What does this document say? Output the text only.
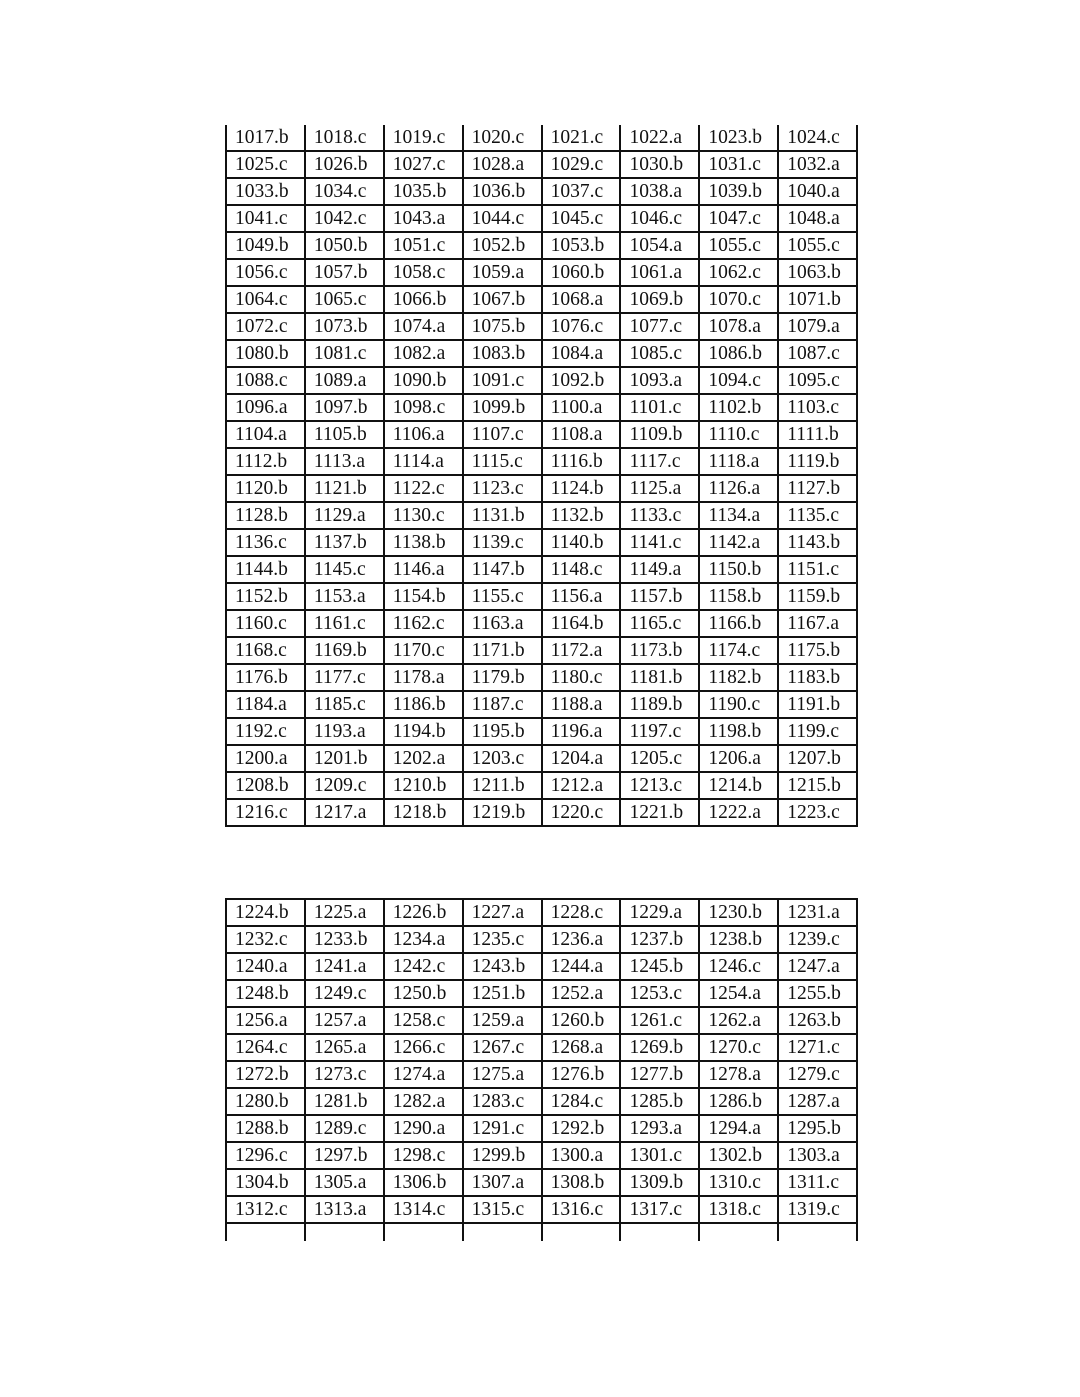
1017.b	1018.c	1019.c	1020.c	1021.c	1022.a	1023.b	1024.c
1025.c	1026.b	1027.c	1028.a	1029.c	1030.b	1031.c	1032.a
1033.b	1034.c	1035.b	1036.b	1037.c	1038.a	1039.b	1040.a
1041.c	1042.c	1043.a	1044.c	1045.c	1046.c	1047.c	1048.a
1049.b	1050.b	1051.c	1052.b	1053.b	1054.a	1055.c	1055.c
1056.c	1057.b	1058.c	1059.a	1060.b	1061.a	1062.c	1063.b
1064.c	1065.c	1066.b	1067.b	1068.a	1069.b	1070.c	1071.b
1072.c	1073.b	1074.a	1075.b	1076.c	1077.c	1078.a	1079.a
1080.b	1081.c	1082.a	1083.b	1084.a	1085.c	1086.b	1087.c
1088.c	1089.a	1090.b	1091.c	1092.b	1093.a	1094.c	1095.c
1096.a	1097.b	1098.c	1099.b	1100.a	1101.c	1102.b	1103.c
1104.a	1105.b	1106.a	1107.c	1108.a	1109.b	1110.c	1111.b
1112.b	1113.a	1114.a	1115.c	1116.b	1117.c	1118.a	1119.b
1120.b	1121.b	1122.c	1123.c	1124.b	1125.a	1126.a	1127.b
1128.b	1129.a	1130.c	1131.b	1132.b	1133.c	1134.a	1135.c
1136.c	1137.b	1138.b	1139.c	1140.b	1141.c	1142.a	1143.b
1144.b	1145.c	1146.a	1147.b	1148.c	1149.a	1150.b	1151.c
1152.b	1153.a	1154.b	1155.c	1156.a	1157.b	1158.b	1159.b
1160.c	1161.c	1162.c	1163.a	1164.b	1165.c	1166.b	1167.a
1168.c	1169.b	1170.c	1171.b	1172.a	1173.b	1174.c	1175.b
1176.b	1177.c	1178.a	1179.b	1180.c	1181.b	1182.b	1183.b
1184.a	1185.c	1186.b	1187.c	1188.a	1189.b	1190.c	1191.b
1192.c	1193.a	1194.b	1195.b	1196.a	1197.c	1198.b	1199.c
1200.a	1201.b	1202.a	1203.c	1204.a	1205.c	1206.a	1207.b
1208.b	1209.c	1210.b	1211.b	1212.a	1213.c	1214.b	1215.b
1216.c	1217.a	1218.b	1219.b	1220.c	1221.b	1222.a	1223.c
1224.b	1225.a	1226.b	1227.a	1228.c	1229.a	1230.b	1231.a
1232.c	1233.b	1234.a	1235.c	1236.a	1237.b	1238.b	1239.c
1240.a	1241.a	1242.c	1243.b	1244.a	1245.b	1246.c	1247.a
1248.b	1249.c	1250.b	1251.b	1252.a	1253.c	1254.a	1255.b
1256.a	1257.a	1258.c	1259.a	1260.b	1261.c	1262.a	1263.b
1264.c	1265.a	1266.c	1267.c	1268.a	1269.b	1270.c	1271.c
1272.b	1273.c	1274.a	1275.a	1276.b	1277.b	1278.a	1279.c
1280.b	1281.b	1282.a	1283.c	1284.c	1285.b	1286.b	1287.a
1288.b	1289.c	1290.a	1291.c	1292.b	1293.a	1294.a	1295.b
1296.c	1297.b	1298.c	1299.b	1300.a	1301.c	1302.b	1303.a
1304.b	1305.a	1306.b	1307.a	1308.b	1309.b	1310.c	1311.c
1312.c	1313.a	1314.c	1315.c	1316.c	1317.c	1318.c	1319.c
